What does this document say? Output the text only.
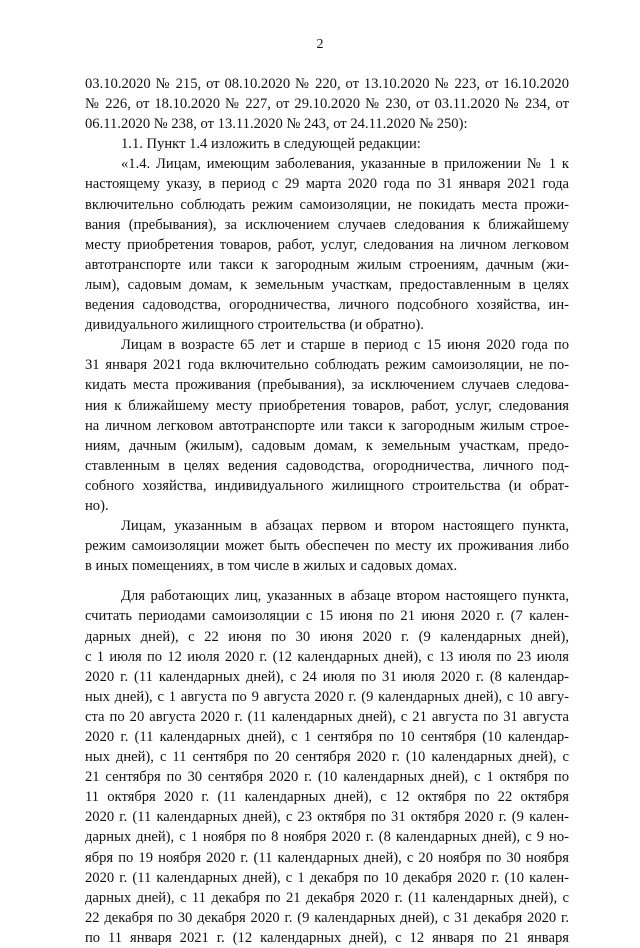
2
03.10.2020 № 215, от 08.10.2020 № 220, от 13.10.2020 № 223, от 16.10.2020
№ 226, от 18.10.2020 № 227, от 29.10.2020 № 230, от 03.11.2020 № 234, от
06.11.2020 № 238, от 13.11.2020 № 243, от 24.11.2020 № 250):
1.1. Пункт 1.4 изложить в следующей редакции:
«1.4. Лицам, имеющим заболевания, указанные в приложении № 1 к
настоящему указу, в период с 29 марта 2020 года по 31 января 2021 года
включительно соблюдать режим самоизоляции, не покидать места прожи-
вания (пребывания), за исключением случаев следования к ближайшему
месту приобретения товаров, работ, услуг, следования на личном легковом
автотранспорте или такси к загородным жилым строениям, дачным (жи-
лым), садовым домам, к земельным участкам, предоставленным в целях
ведения садоводства, огородничества, личного подсобного хозяйства, ин-
дивидуального жилищного строительства (и обратно).
Лицам в возрасте 65 лет и старше в период с 15 июня 2020 года по
31 января 2021 года включительно соблюдать режим самоизоляции, не по-
кидать места проживания (пребывания), за исключением случаев следова-
ния к ближайшему месту приобретения товаров, работ, услуг, следования
на личном легковом автотранспорте или такси к загородным жилым строе-
ниям, дачным (жилым), садовым домам, к земельным участкам, предо-
ставленным в целях ведения садоводства, огородничества, личного под-
собного хозяйства, индивидуального жилищного строительства (и обрат-
но).
Лицам, указанным в абзацах первом и втором настоящего пункта,
режим самоизоляции может быть обеспечен по месту их проживания либо
в иных помещениях, в том числе в жилых и садовых домах.
Для работающих лиц, указанных в абзаце втором настоящего пункта,
считать периодами самоизоляции с 15 июня по 21 июня 2020 г. (7 кален-
дарных дней), с 22 июня по 30 июня 2020 г. (9 календарных дней),
с 1 июля по 12 июля 2020 г. (12 календарных дней), с 13 июля по 23 июля
2020 г. (11 календарных дней), с 24 июля по 31 июля 2020 г. (8 календар-
ных дней), с 1 августа по 9 августа 2020 г. (9 календарных дней), с 10 авгу-
ста по 20 августа 2020 г. (11 календарных дней), с 21 августа по 31 августа
2020 г. (11 календарных дней), с 1 сентября по 10 сентября (10 календар-
ных дней), с 11 сентября по 20 сентября 2020 г. (10 календарных дней), с
21 сентября по 30 сентября 2020 г. (10 календарных дней), с 1 октября по
11 октября 2020 г. (11 календарных дней), с 12 октября по 22 октября
2020 г. (11 календарных дней), с 23 октября по 31 октября 2020 г. (9 кален-
дарных дней), с 1 ноября по 8 ноября 2020 г. (8 календарных дней), с 9 но-
ября по 19 ноября 2020 г. (11 календарных дней), с 20 ноября по 30 ноября
2020 г. (11 календарных дней), с 1 декабря по 10 декабря 2020 г. (10 кален-
дарных дней), с 11 декабря по 21 декабря 2020 г. (11 календарных дней), с
22 декабря по 30 декабря 2020 г. (9 календарных дней), с 31 декабря 2020 г.
по 11 января 2021 г. (12 календарных дней), с 12 января по 21 января
